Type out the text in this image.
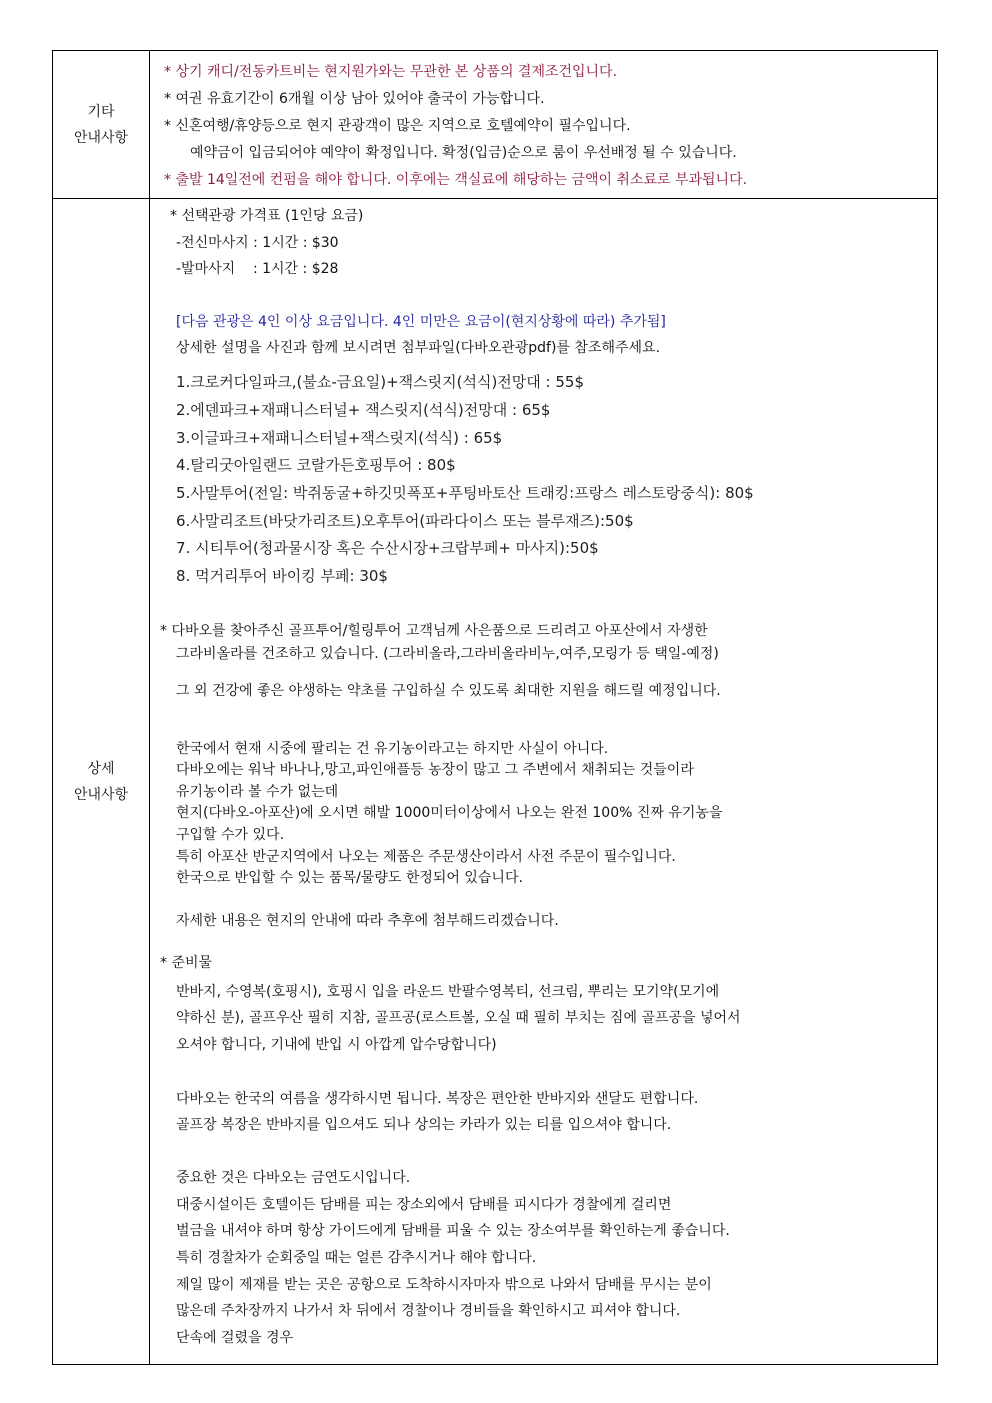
기타
안내사항
* 상기 캐디/전동카트비는 현지원가와는 무관한 본 상품의 결제조건입니다.
* 여권 유효기간이 6개월 이상 남아 있어야 출국이 가능합니다.
* 신혼여행/휴양등으로 현지 관광객이 많은 지역으로 호텔예약이 필수입니다.
예약금이 입금되어야 예약이 확정입니다. 확정(입금)순으로 룸이 우선배정 될 수 있습니다.
* 출발 14일전에 컨펌을 해야 합니다. 이후에는 객실료에 해당하는 금액이 취소료로 부과됩니다.
상세
안내사항
* 선택관광 가격표 (1인당 요금)
-전신마사지 : 1시간 : $30
-발마사지    : 1시간 : $28
[다음 관광은 4인 이상 요금입니다. 4인 미만은 요금이(현지상황에 따라) 추가됨]
상세한 설명을 사진과 함께 보시려면 첨부파일(다바오관광pdf)를 참조해주세요.
1.크로커다일파크,(불쇼-금요일)+잭스릿지(석식)전망대 : 55$
2.에덴파크+재패니스터널+ 잭스릿지(석식)전망대 : 65$
3.이글파크+재패니스터널+잭스릿지(석식) : 65$
4.탈리굿아일랜드 코랄가든호핑투어 : 80$
5.사말투어(전일: 박쥐동굴+하깃밋폭포+푸팅바토산 트래킹:프랑스 레스토랑중식): 80$
6.사말리조트(바닷가리조트)오후투어(파라다이스 또는 블루재즈):50$
7. 시티투어(청과물시장 혹은 수산시장+크랍부페+ 마사지):50$
8. 먹거리투어 바이킹 부페: 30$
* 다바오를 찾아주신 골프투어/힐링투어 고객님께 사은품으로 드리려고 아포산에서 자생한
그라비올라를 건조하고 있습니다. (그라비올라,그라비올라비누,여주,모링가 등 택일-예정)
그 외 건강에 좋은 야생하는 약초를 구입하실 수 있도록 최대한 지원을 해드릴 예정입니다.
한국에서 현재 시중에 팔리는 건 유기농이라고는 하지만 사실이 아니다.
다바오에는 워낙 바나나,망고,파인애플등 농장이 많고 그 주변에서 채취되는 것들이라
유기농이라 볼 수가 없는데
현지(다바오-아포산)에 오시면 해발 1000미터이상에서 나오는 완전 100% 진짜 유기농을
구입할 수가 있다.
특히 아포산 반군지역에서 나오는 제품은 주문생산이라서 사전 주문이 필수입니다.
한국으로 반입할 수 있는 품목/물량도 한정되어 있습니다.
자세한 내용은 현지의 안내에 따라 추후에 첨부해드리겠습니다.
* 준비물
반바지, 수영복(호핑시), 호핑시 입을 라운드 반팔수영복티, 선크림, 뿌리는 모기약(모기에
약하신 분), 골프우산 필히 지참, 골프공(로스트볼, 오실 때 필히 부치는 짐에 골프공을 넣어서
오셔야 합니다, 기내에 반입 시 아깝게 압수당합니다)
다바오는 한국의 여름을 생각하시면 됩니다. 복장은 편안한 반바지와 샌달도 편합니다.
골프장 복장은 반바지를 입으셔도 되나 상의는 카라가 있는 티를 입으셔야 합니다.
중요한 것은 다바오는 금연도시입니다.
대중시설이든 호텔이든 담배를 피는 장소외에서 담배를 피시다가 경찰에게 걸리면
벌금을 내셔야 하며 항상 가이드에게 담배를 피울 수 있는 장소여부를 확인하는게 좋습니다.
특히 경찰차가 순회중일 때는 얼른 감추시거나 해야 합니다.
제일 많이 제재를 받는 곳은 공항으로 도착하시자마자 밖으로 나와서 담배를 무시는 분이
많은데 주차장까지 나가서 차 뒤에서 경찰이나 경비들을 확인하시고 피셔야 합니다.
단속에 걸렸을 경우
